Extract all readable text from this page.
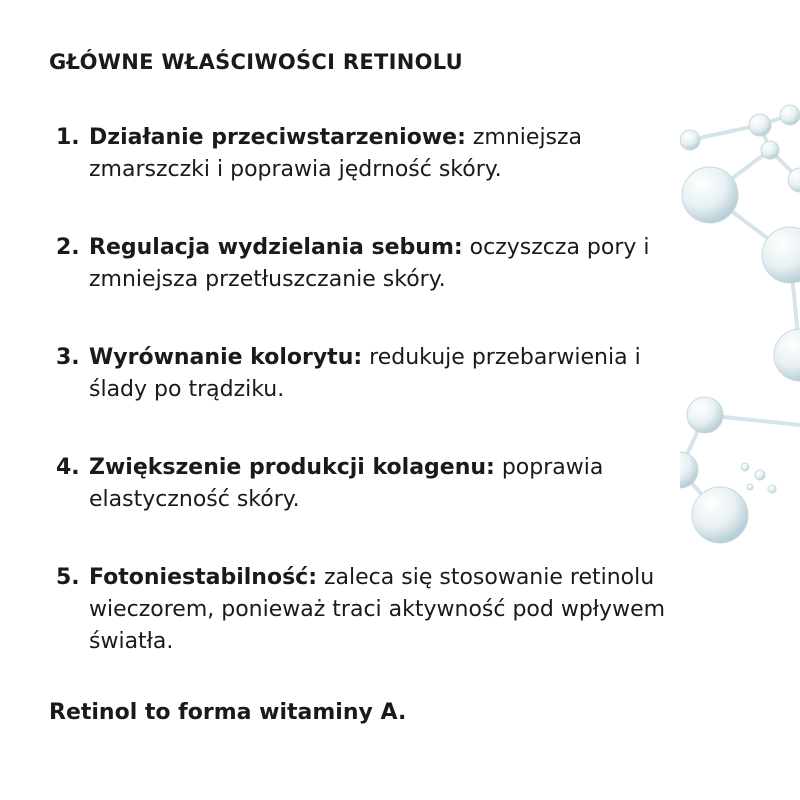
GŁÓWNE WŁAŚCIWOŚCI RETINOLU
1. Działanie przeciwstarzeniowe: zmniejsza zmarszczki i poprawia jędrność skóry.
2. Regulacja wydzielania sebum: oczyszcza pory i zmniejsza przetłuszczanie skóry.
3. Wyrównanie kolorytu: redukuje przebarwienia i ślady po trądziku.
4. Zwiększenie produkcji kolagenu: poprawia elastyczność skóry.
5. Fotoniestabilność: zaleca się stosowanie retinolu wieczorem, ponieważ traci aktywność pod wpływem światła.

Retinol to forma witaminy A.
